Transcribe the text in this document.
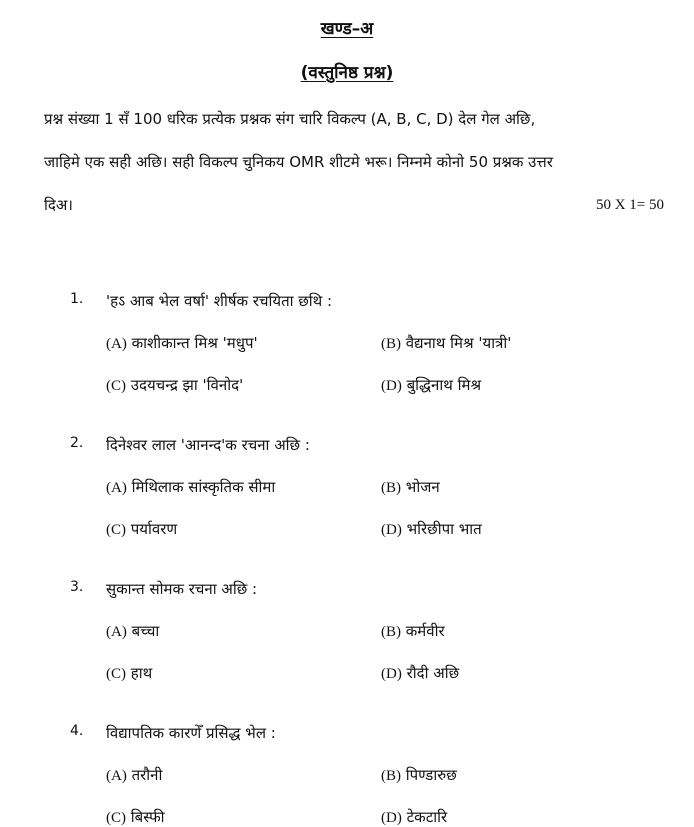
खण्ड–अ
(वस्तुनिष्ठ प्रश्न)
प्रश्न संख्या 1 सँ 100 धरिक प्रत्येक प्रश्नक संग चारि विकल्प (A, B, C, D) देल गेल अछि,
जाहिमे एक सही अछि। सही विकल्प चुनिकय OMR शीटमे भरू। निम्नमे कोनो 50 प्रश्नक उत्तर
दिअ।	50 X 1= 50
1. 'हऽ आब भेल वर्षा' शीर्षक रचयिता छथि :
(A) काशीकान्त मिश्र 'मधुप'	(B) वैद्यनाथ मिश्र 'यात्री'
(C) उदयचन्द्र झा 'विनोद'	(D) बुद्धिनाथ मिश्र
2. दिनेश्वर लाल 'आनन्द'क रचना अछि :
(A) मिथिलाक सांस्कृतिक सीमा	(B) भोजन
(C) पर्यावरण	(D) भरिछीपा भात
3. सुकान्त सोमक रचना अछि :
(A) बच्चा	(B) कर्मवीर
(C) हाथ	(D) रौदी अछि
4. विद्यापतिक कारणेँ प्रसिद्ध भेल :
(A) तरौनी	(B) पिण्डारुछ
(C) बिस्फी	(D) टेकटारि
